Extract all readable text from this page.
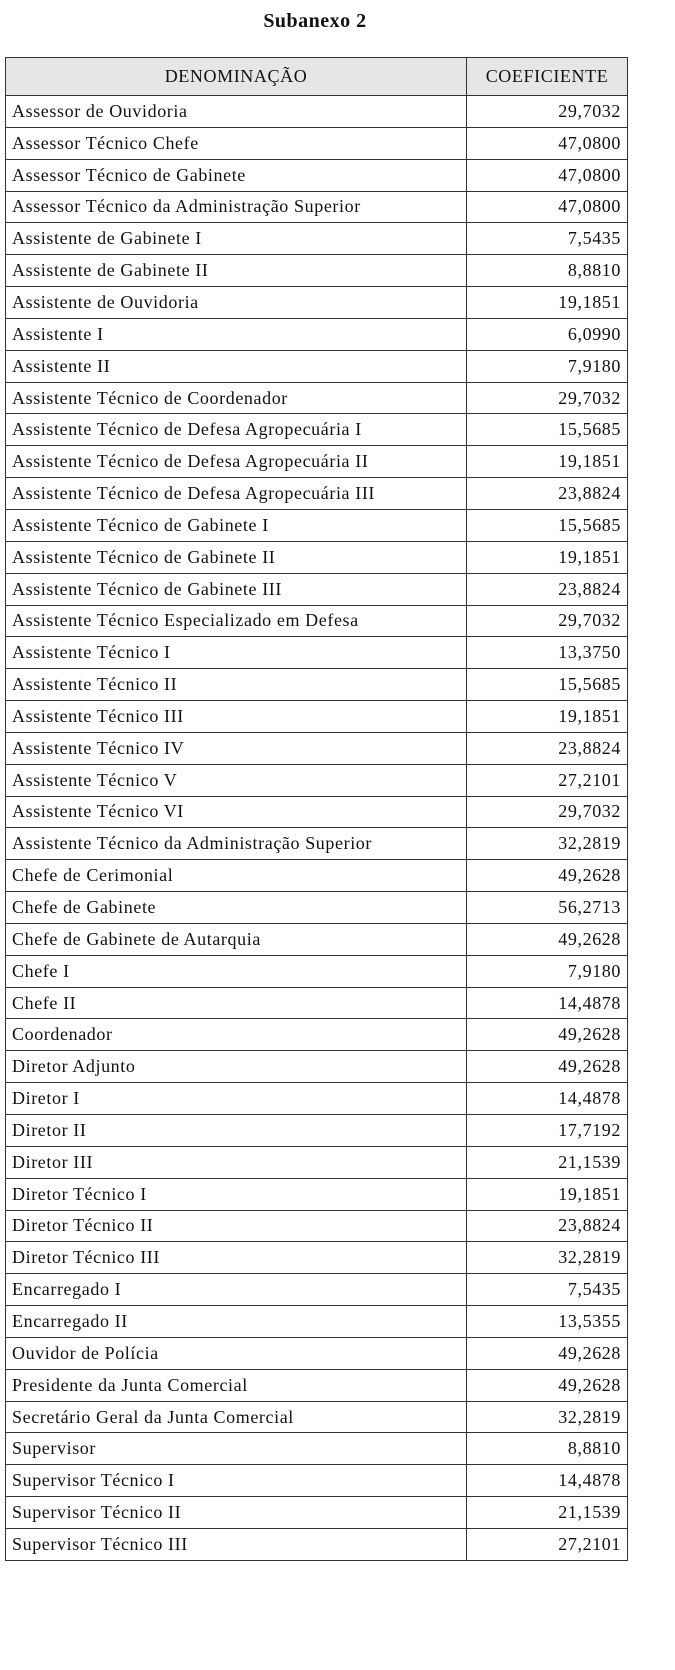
Subanexo 2
DENOMINAÇÃO	COEFICIENTE
Assessor de Ouvidoria	29,7032
Assessor Técnico Chefe	47,0800
Assessor Técnico de Gabinete	47,0800
Assessor Técnico da Administração Superior	47,0800
Assistente de Gabinete I	7,5435
Assistente de Gabinete II	8,8810
Assistente de Ouvidoria	19,1851
Assistente I	6,0990
Assistente II	7,9180
Assistente Técnico de Coordenador	29,7032
Assistente Técnico de Defesa Agropecuária I	15,5685
Assistente Técnico de Defesa Agropecuária II	19,1851
Assistente Técnico de Defesa Agropecuária III	23,8824
Assistente Técnico de Gabinete I	15,5685
Assistente Técnico de Gabinete II	19,1851
Assistente Técnico de Gabinete III	23,8824
Assistente Técnico Especializado em Defesa	29,7032
Assistente Técnico I	13,3750
Assistente Técnico II	15,5685
Assistente Técnico III	19,1851
Assistente Técnico IV	23,8824
Assistente Técnico V	27,2101
Assistente Técnico VI	29,7032
Assistente Técnico da Administração Superior	32,2819
Chefe de Cerimonial	49,2628
Chefe de Gabinete	56,2713
Chefe de Gabinete de Autarquia	49,2628
Chefe I	7,9180
Chefe II	14,4878
Coordenador	49,2628
Diretor Adjunto	49,2628
Diretor I	14,4878
Diretor II	17,7192
Diretor III	21,1539
Diretor Técnico I	19,1851
Diretor Técnico II	23,8824
Diretor Técnico III	32,2819
Encarregado I	7,5435
Encarregado II	13,5355
Ouvidor de Polícia	49,2628
Presidente da Junta Comercial	49,2628
Secretário Geral da Junta Comercial	32,2819
Supervisor	8,8810
Supervisor Técnico I	14,4878
Supervisor Técnico II	21,1539
Supervisor Técnico III	27,2101
